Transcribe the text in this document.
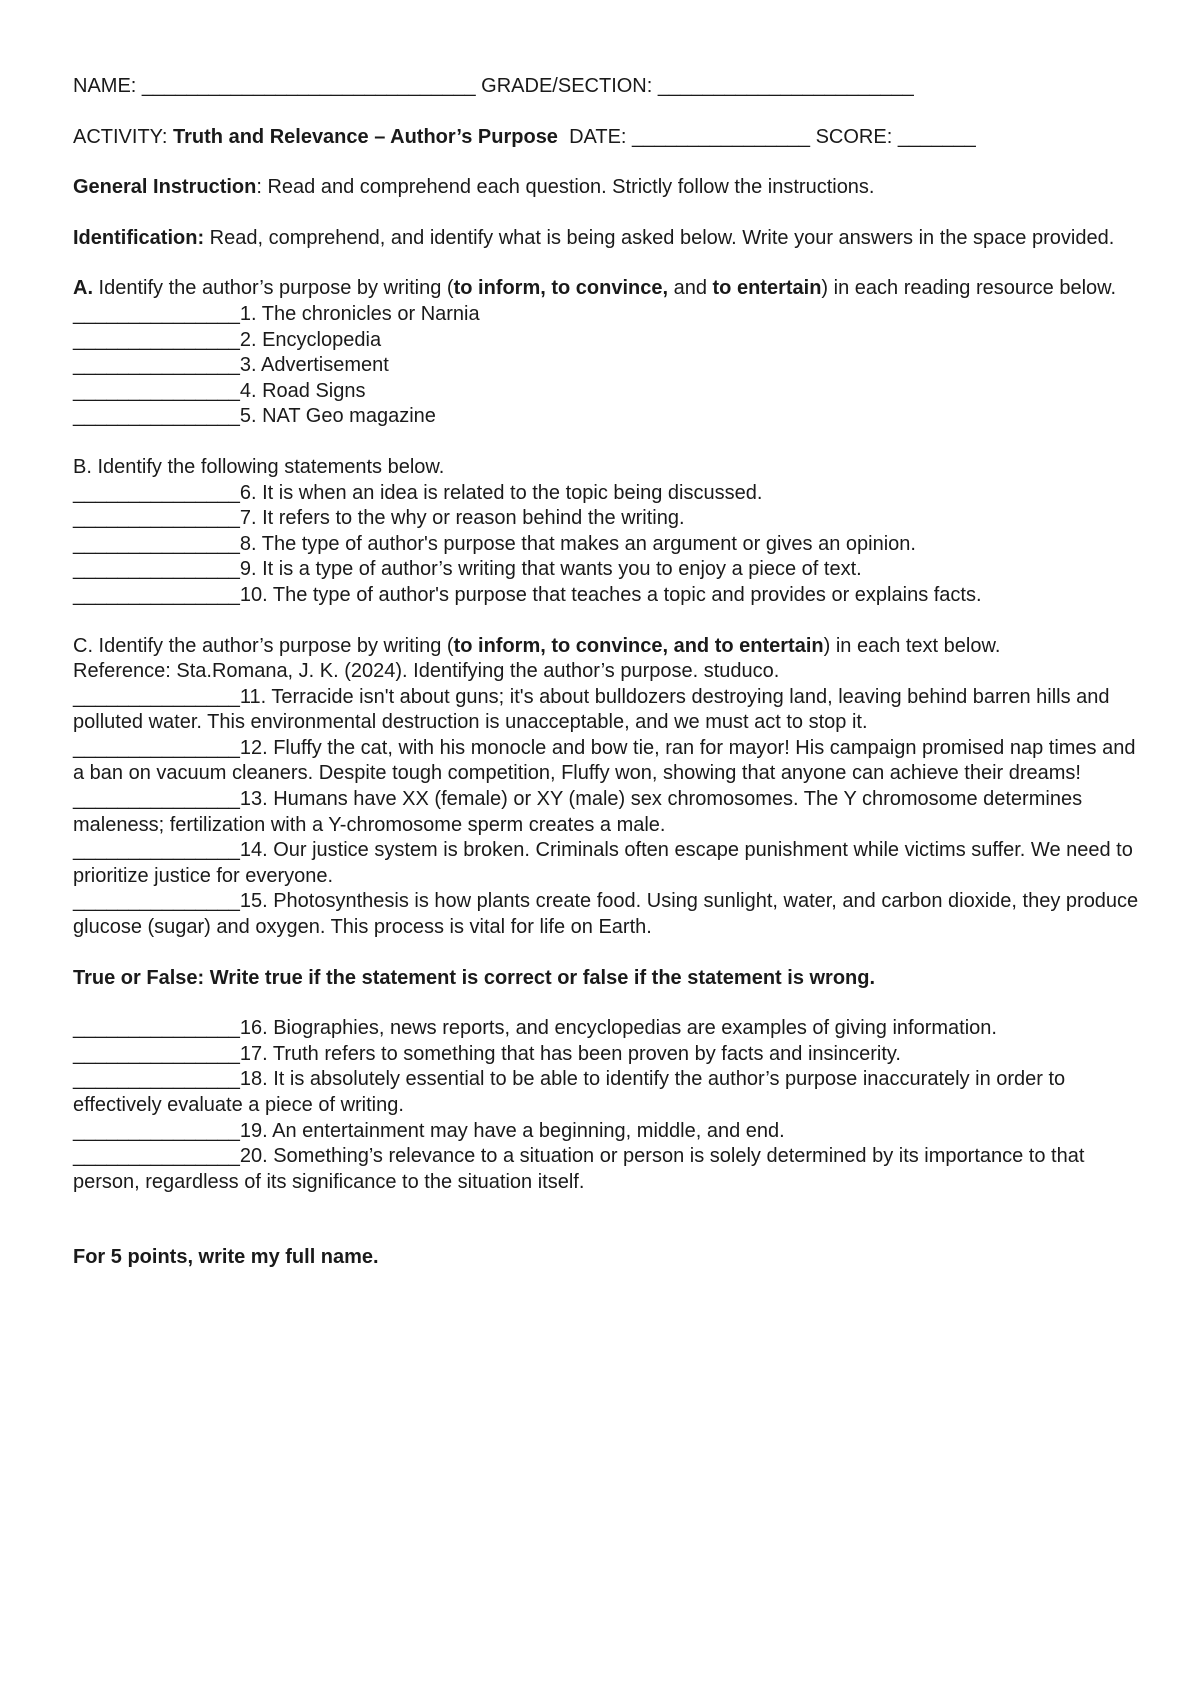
NAME: ______________________________ GRADE/SECTION: _______________________
ACTIVITY: Truth and Relevance – Author’s Purpose DATE: ________________ SCORE: _______
General Instruction: Read and comprehend each question. Strictly follow the instructions.
Identification: Read, comprehend, and identify what is being asked below. Write your answers in the space provided.
A. Identify the author’s purpose by writing (to inform, to convince, and to entertain) in each reading resource below.
_______________1. The chronicles or Narnia
_______________2. Encyclopedia
_______________3. Advertisement
_______________4. Road Signs
_______________5. NAT Geo magazine
B. Identify the following statements below.
_______________6. It is when an idea is related to the topic being discussed.
_______________7. It refers to the why or reason behind the writing.
_______________8. The type of author's purpose that makes an argument or gives an opinion.
_______________9. It is a type of author’s writing that wants you to enjoy a piece of text.
_______________10. The type of author's purpose that teaches a topic and provides or explains facts.
C. Identify the author’s purpose by writing (to inform, to convince, and to entertain) in each text below.
Reference: Sta.Romana, J. K. (2024). Identifying the author’s purpose. studuco.
_______________11. Terracide isn't about guns; it's about bulldozers destroying land, leaving behind barren hills and polluted water. This environmental destruction is unacceptable, and we must act to stop it.
_______________12. Fluffy the cat, with his monocle and bow tie, ran for mayor! His campaign promised nap times and a ban on vacuum cleaners. Despite tough competition, Fluffy won, showing that anyone can achieve their dreams!
_______________13. Humans have XX (female) or XY (male) sex chromosomes. The Y chromosome determines maleness; fertilization with a Y-chromosome sperm creates a male.
_______________14. Our justice system is broken. Criminals often escape punishment while victims suffer. We need to prioritize justice for everyone.
_______________15. Photosynthesis is how plants create food. Using sunlight, water, and carbon dioxide, they produce glucose (sugar) and oxygen. This process is vital for life on Earth.
True or False: Write true if the statement is correct or false if the statement is wrong.
_______________16. Biographies, news reports, and encyclopedias are examples of giving information.
_______________17. Truth refers to something that has been proven by facts and insincerity.
_______________18. It is absolutely essential to be able to identify the author’s purpose inaccurately in order to effectively evaluate a piece of writing.
_______________19. An entertainment may have a beginning, middle, and end.
_______________20. Something’s relevance to a situation or person is solely determined by its importance to that person, regardless of its significance to the situation itself.
For 5 points, write my full name.
